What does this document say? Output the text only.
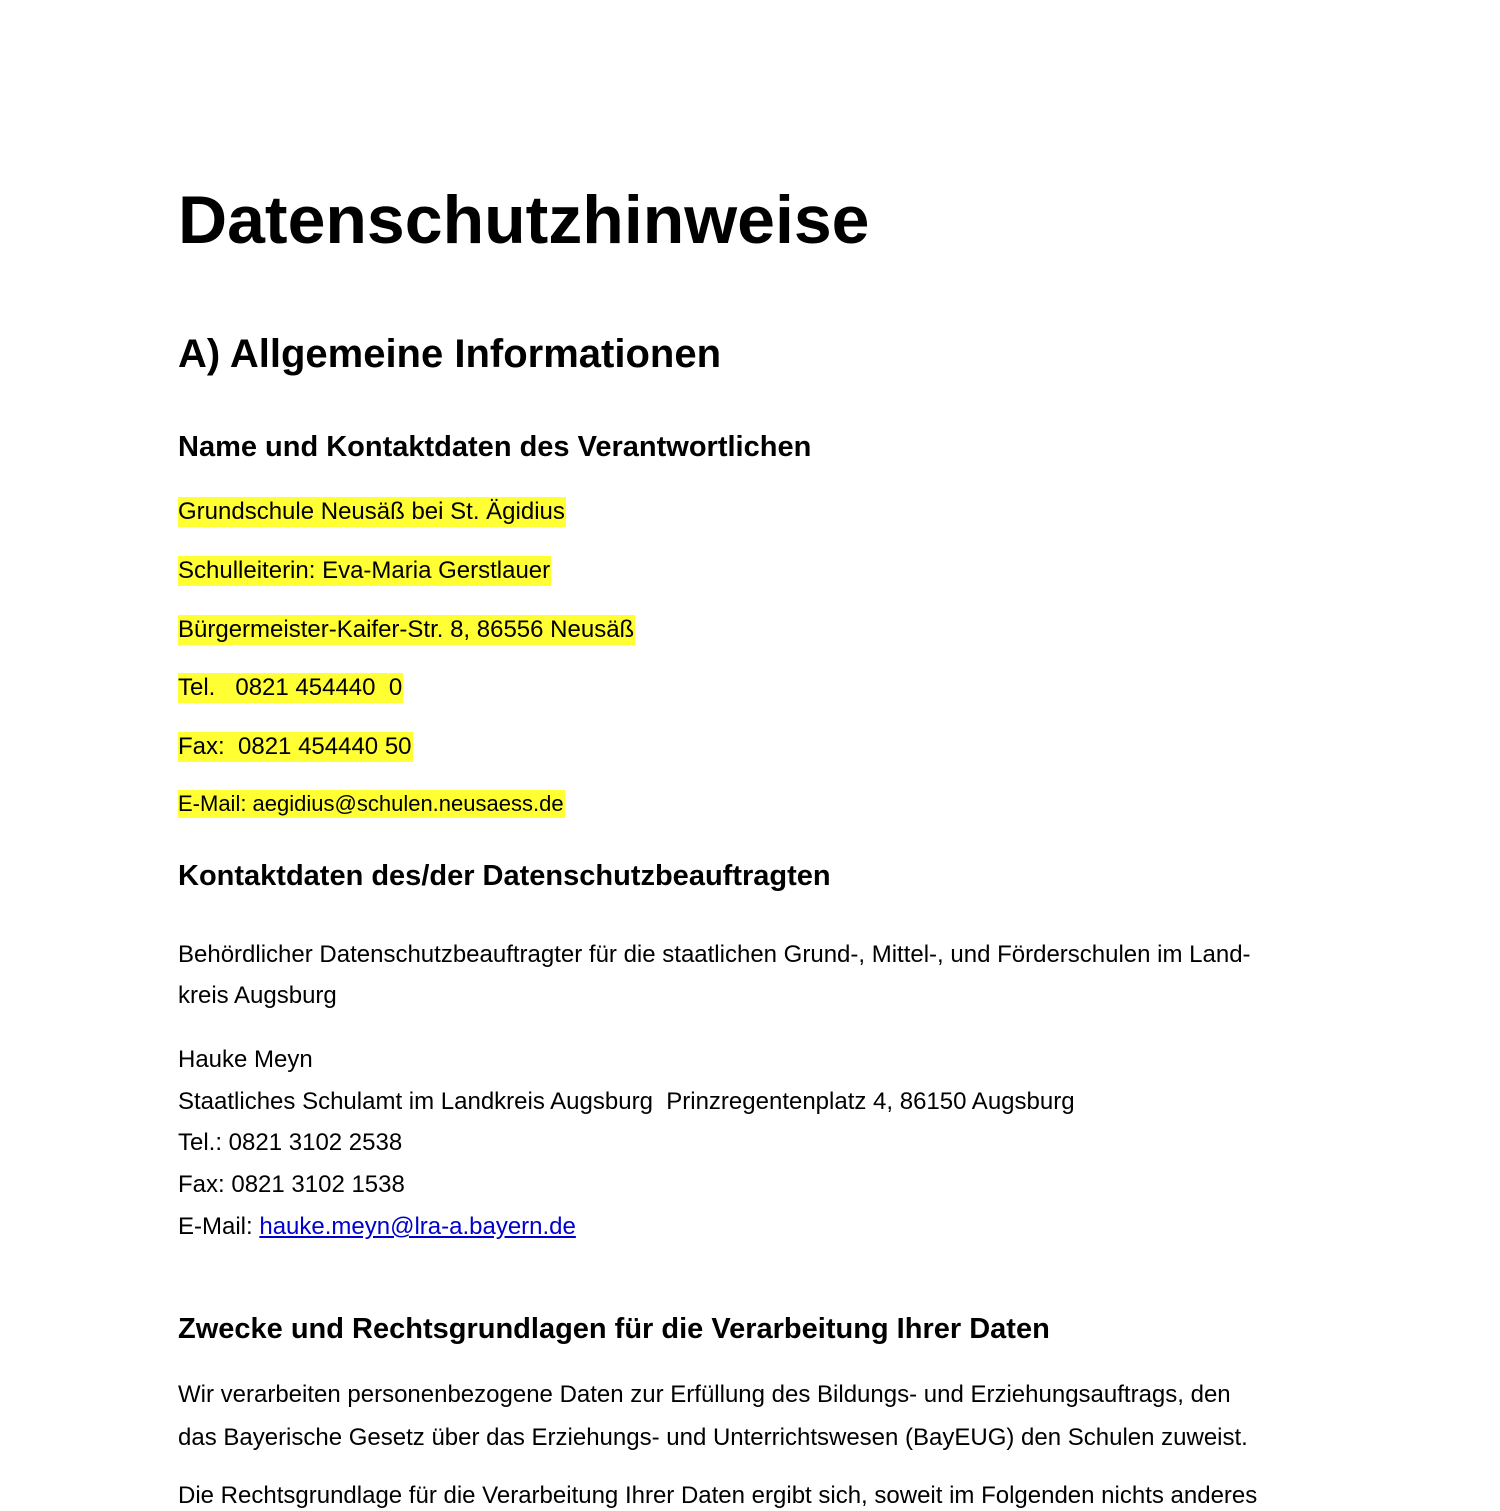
Datenschutzhinweise
A) Allgemeine Informationen
Name und Kontaktdaten des Verantwortlichen
Grundschule Neusäß bei St. Ägidius
Schulleiterin: Eva-Maria Gerstlauer
Bürgermeister-Kaifer-Str. 8, 86556 Neusäß
Tel.   0821 454440  0
Fax:  0821 454440 50
E-Mail: aegidius@schulen.neusaess.de
Kontaktdaten des/der Datenschutzbeauftragten
Behördlicher Datenschutzbeauftragter für die staatlichen Grund-, Mittel-, und Förderschulen im Land-
kreis Augsburg
Hauke Meyn
Staatliches Schulamt im Landkreis Augsburg  Prinzregentenplatz 4, 86150 Augsburg
Tel.: 0821 3102 2538
Fax: 0821 3102 1538
E-Mail: hauke.meyn@lra-a.bayern.de
Zwecke und Rechtsgrundlagen für die Verarbeitung Ihrer Daten
Wir verarbeiten personenbezogene Daten zur Erfüllung des Bildungs- und Erziehungsauftrags, den
das Bayerische Gesetz über das Erziehungs- und Unterrichtswesen (BayEUG) den Schulen zuweist.
Die Rechtsgrundlage für die Verarbeitung Ihrer Daten ergibt sich, soweit im Folgenden nichts anderes
